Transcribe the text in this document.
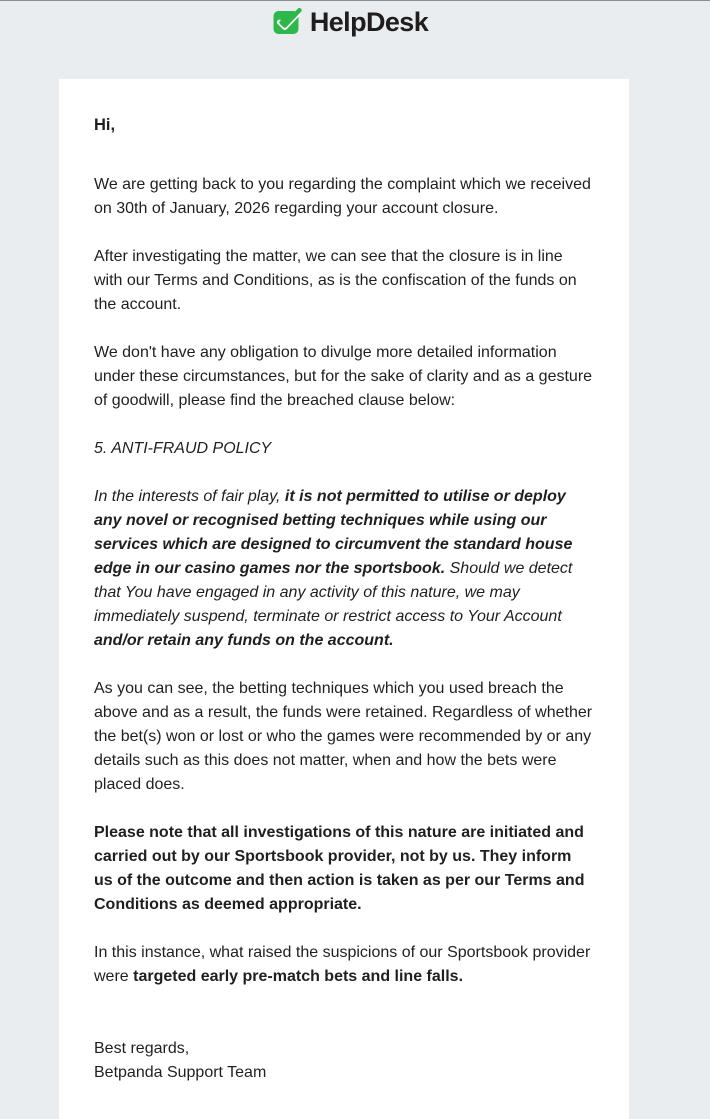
HelpDesk

Hi,

We are getting back to you regarding the complaint which we received on 30th of January, 2026 regarding your account closure.

After investigating the matter, we can see that the closure is in line with our Terms and Conditions, as is the confiscation of the funds on the account.

We don't have any obligation to divulge more detailed information under these circumstances, but for the sake of clarity and as a gesture of goodwill, please find the breached clause below:

5. ANTI-FRAUD POLICY

In the interests of fair play, it is not permitted to utilise or deploy any novel or recognised betting techniques while using our services which are designed to circumvent the standard house edge in our casino games nor the sportsbook. Should we detect that You have engaged in any activity of this nature, we may immediately suspend, terminate or restrict access to Your Account and/or retain any funds on the account.

As you can see, the betting techniques which you used breach the above and as a result, the funds were retained. Regardless of whether the bet(s) won or lost or who the games were recommended by or any details such as this does not matter, when and how the bets were placed does.

Please note that all investigations of this nature are initiated and carried out by our Sportsbook provider, not by us. They inform us of the outcome and then action is taken as per our Terms and Conditions as deemed appropriate.

In this instance, what raised the suspicions of our Sportsbook provider were targeted early pre-match bets and line falls.

Best regards,

Betpanda Support Team
